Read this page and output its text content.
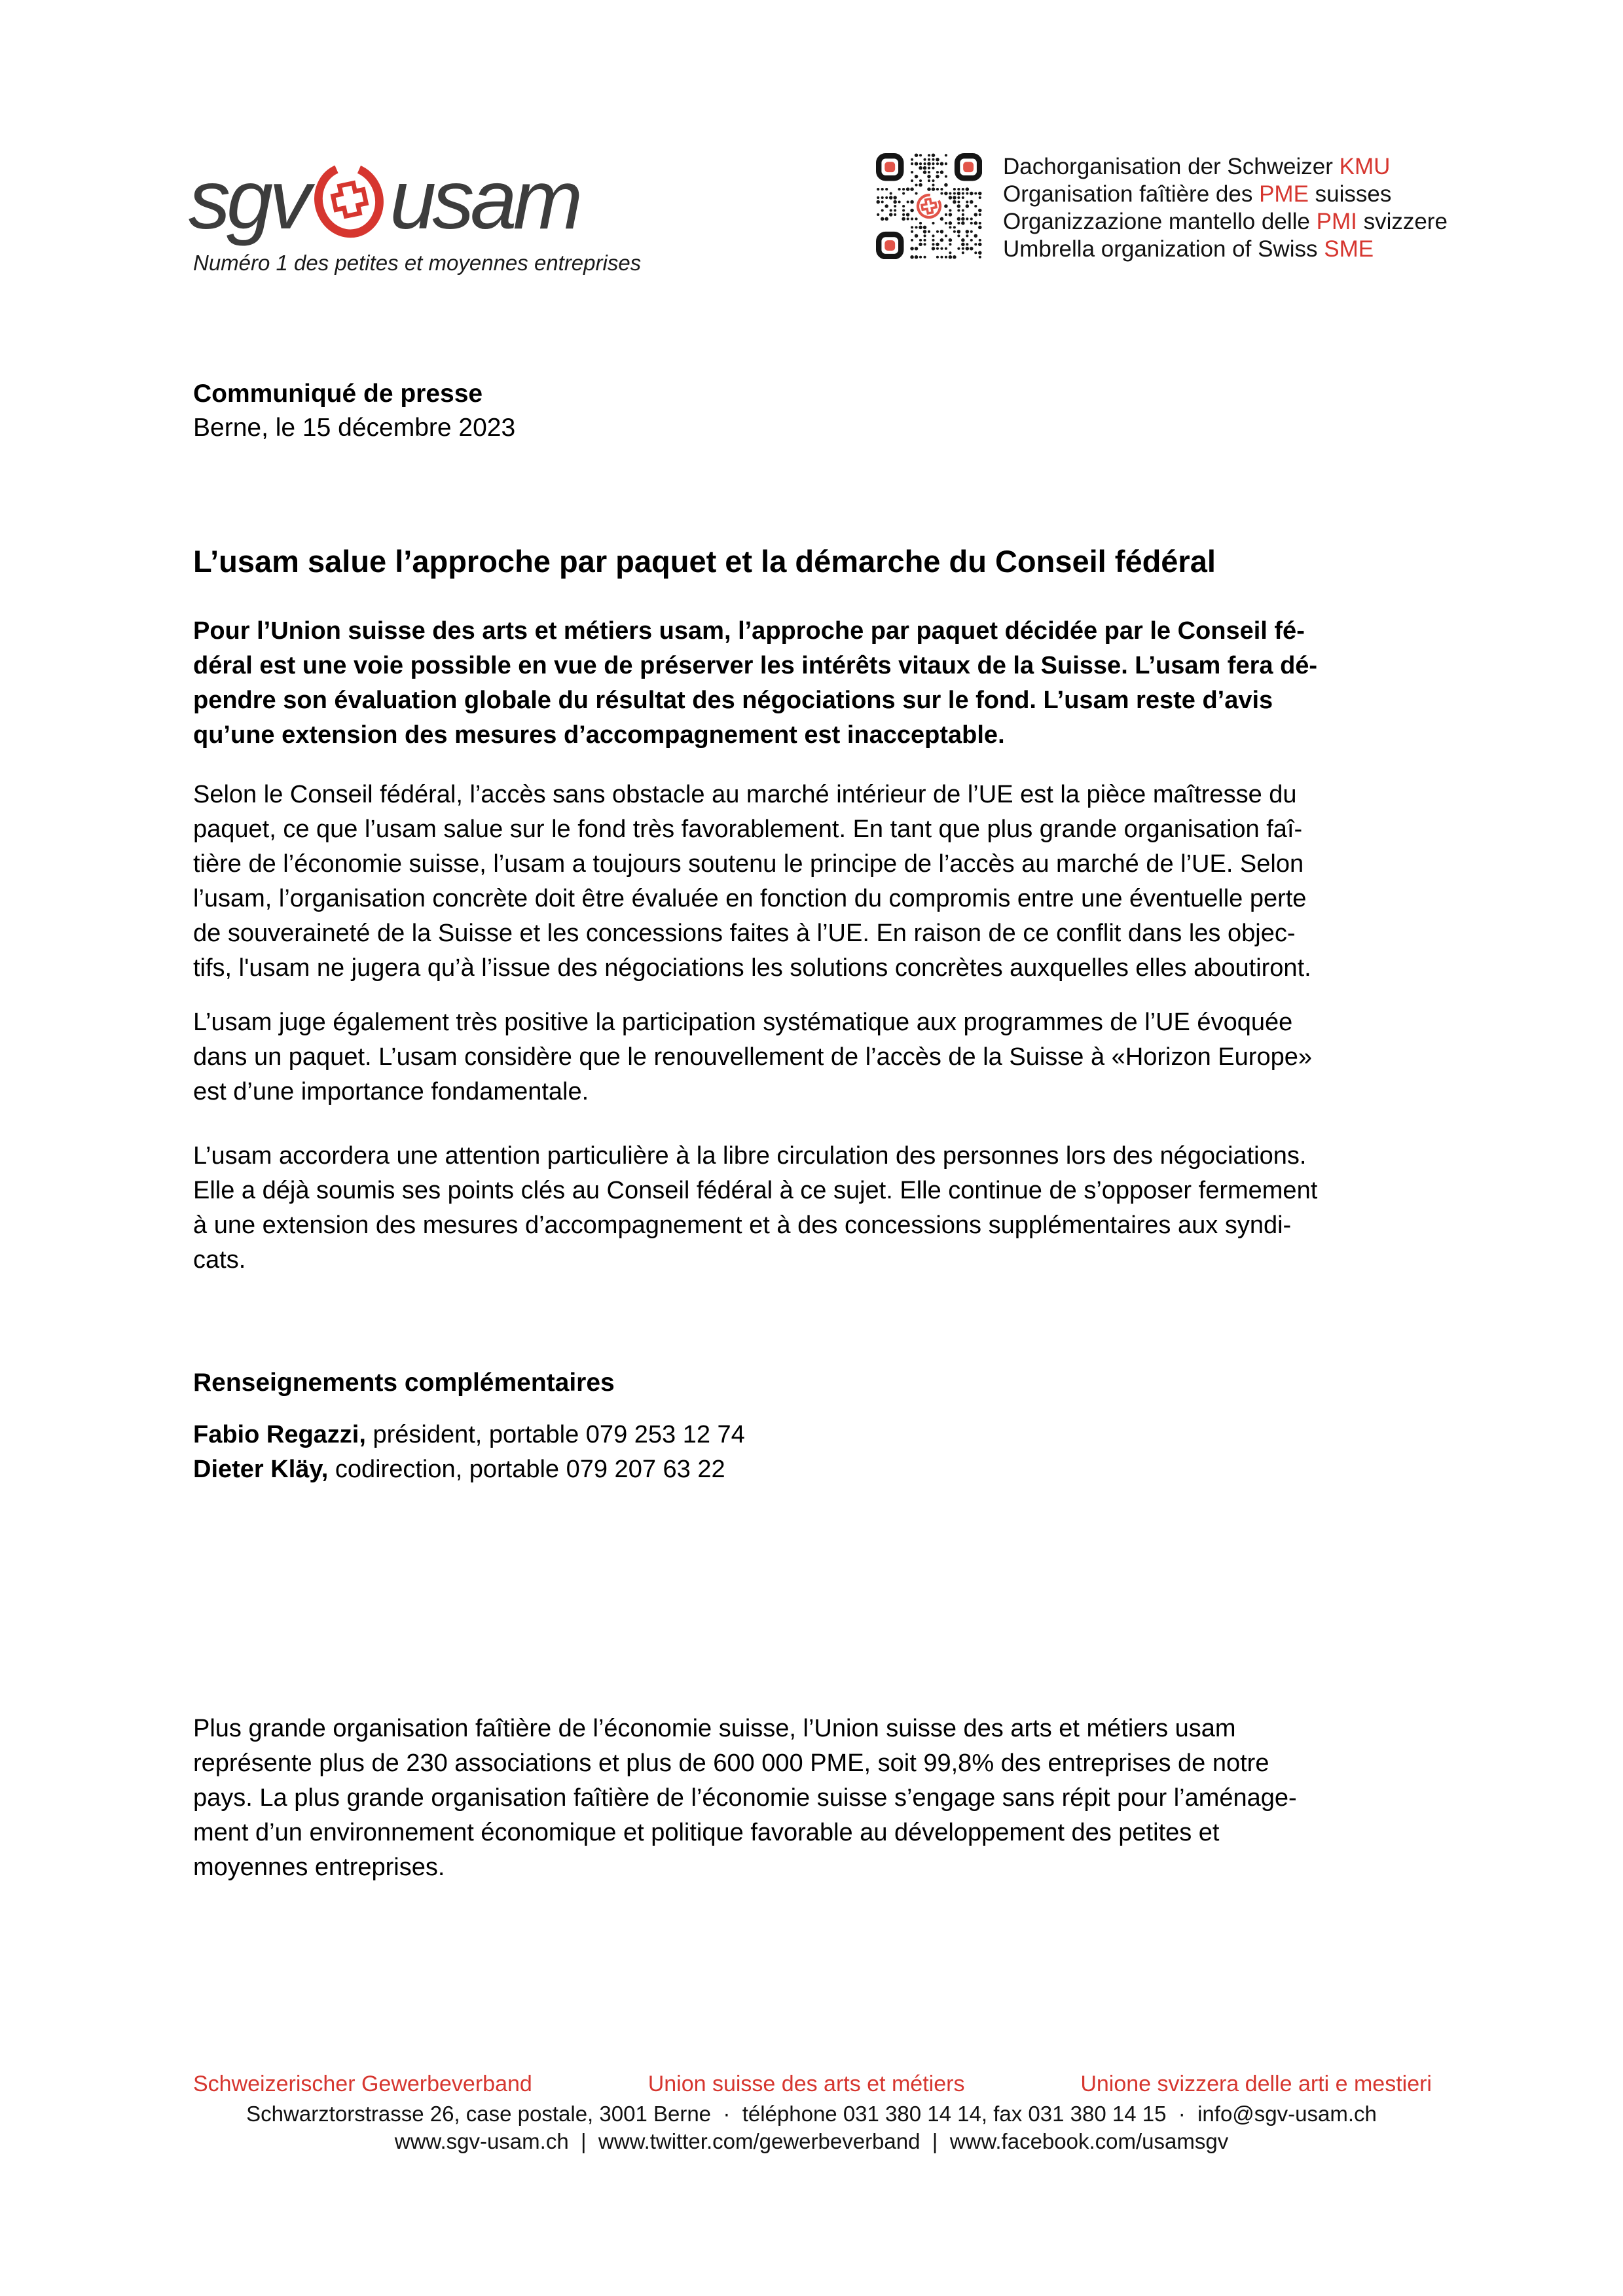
sgv usam
Numéro 1 des petites et moyennes entreprises
Dachorganisation der Schweizer KMU
Organisation faîtière des PME suisses
Organizzazione mantello delle PMI svizzere
Umbrella organization of Swiss SME
Communiqué de presse
Berne, le 15 décembre 2023
L’usam salue l’approche par paquet et la démarche du Conseil fédéral
Pour l’Union suisse des arts et métiers usam, l’approche par paquet décidée par le Conseil fé-
déral est une voie possible en vue de préserver les intérêts vitaux de la Suisse. L’usam fera dé-
pendre son évaluation globale du résultat des négociations sur le fond. L’usam reste d’avis
qu’une extension des mesures d’accompagnement est inacceptable.
Selon le Conseil fédéral, l’accès sans obstacle au marché intérieur de l’UE est la pièce maîtresse du
paquet, ce que l’usam salue sur le fond très favorablement. En tant que plus grande organisation faî-
tière de l’économie suisse, l’usam a toujours soutenu le principe de l’accès au marché de l’UE. Selon
l’usam, l’organisation concrète doit être évaluée en fonction du compromis entre une éventuelle perte
de souveraineté de la Suisse et les concessions faites à l’UE. En raison de ce conflit dans les objec-
tifs, l'usam ne jugera qu’à l’issue des négociations les solutions concrètes auxquelles elles aboutiront.
L’usam juge également très positive la participation systématique aux programmes de l’UE évoquée
dans un paquet. L’usam considère que le renouvellement de l’accès de la Suisse à «Horizon Europe»
est d’une importance fondamentale.
L’usam accordera une attention particulière à la libre circulation des personnes lors des négociations.
Elle a déjà soumis ses points clés au Conseil fédéral à ce sujet. Elle continue de s’opposer fermement
à une extension des mesures d’accompagnement et à des concessions supplémentaires aux syndi-
cats.
Renseignements complémentaires
Fabio Regazzi, président, portable 079 253 12 74
Dieter Kläy, codirection, portable 079 207 63 22
Plus grande organisation faîtière de l’économie suisse, l’Union suisse des arts et métiers usam
représente plus de 230 associations et plus de 600 000 PME, soit 99,8% des entreprises de notre
pays. La plus grande organisation faîtière de l’économie suisse s’engage sans répit pour l’aménage-
ment d’un environnement économique et politique favorable au développement des petites et
moyennes entreprises.
Schweizerischer Gewerbeverband	Union suisse des arts et métiers	Unione svizzera delle arti e mestieri
Schwarztorstrasse 26, case postale, 3001 Berne  ·  téléphone 031 380 14 14, fax 031 380 14 15  ·  info@sgv-usam.ch
www.sgv-usam.ch  |  www.twitter.com/gewerbeverband  |  www.facebook.com/usamsgv
